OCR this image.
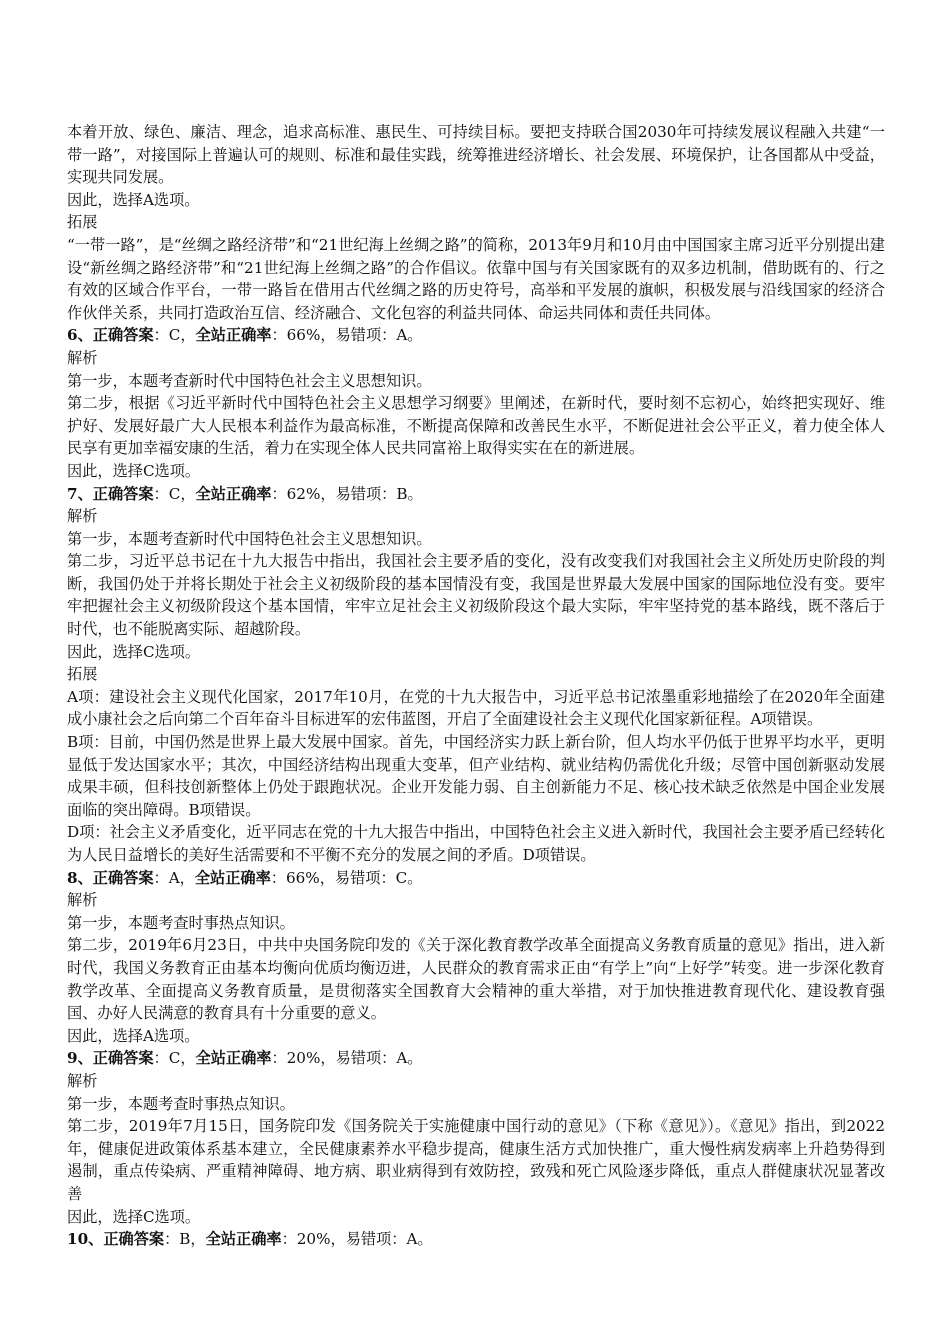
本着开放、绿色、廉洁、理念，追求高标准、惠民生、可持续目标。要把支持联合国2030年可持续发展议程融入共建“一带一路”，对接国际上普遍认可的规则、标准和最佳实践，统筹推进经济增长、社会发展、环境保护，让各国都从中受益，实现共同发展。

因此，选择A选项。

拓展

“一带一路”，是“丝绸之路经济带”和“21世纪海上丝绸之路”的简称，2013年9月和10月由中国国家主席习近平分别提出建设“新丝绸之路经济带”和“21世纪海上丝绸之路”的合作倡议。依靠中国与有关国家既有的双多边机制，借助既有的、行之有效的区域合作平台，一带一路旨在借用古代丝绸之路的历史符号，高举和平发展的旗帜，积极发展与沿线国家的经济合作伙伴关系，共同打造政治互信、经济融合、文化包容的利益共同体、命运共同体和责任共同体。

6、正确答案：C，全站正确率：66%，易错项：A。

解析

第一步，本题考查新时代中国特色社会主义思想知识。

第二步，根据《习近平新时代中国特色社会主义思想学习纲要》里阐述，在新时代，要时刻不忘初心，始终把实现好、维护好、发展好最广大人民根本利益作为最高标准，不断提高保障和改善民生水平，不断促进社会公平正义，着力使全体人民享有更加幸福安康的生活，着力在实现全体人民共同富裕上取得实实在在的新进展。

因此，选择C选项。

7、正确答案：C，全站正确率：62%，易错项：B。

解析

第一步，本题考查新时代中国特色社会主义思想知识。

第二步，习近平总书记在十九大报告中指出，我国社会主要矛盾的变化，没有改变我们对我国社会主义所处历史阶段的判断，我国仍处于并将长期处于社会主义初级阶段的基本国情没有变，我国是世界最大发展中国家的国际地位没有变。要牢牢把握社会主义初级阶段这个基本国情，牢牢立足社会主义初级阶段这个最大实际，牢牢坚持党的基本路线，既不落后于时代，也不能脱离实际、超越阶段。

因此，选择C选项。

拓展

A项：建设社会主义现代化国家，2017年10月，在党的十九大报告中，习近平总书记浓墨重彩地描绘了在2020年全面建成小康社会之后向第二个百年奋斗目标进军的宏伟蓝图，开启了全面建设社会主义现代化国家新征程。A项错误。

B项：目前，中国仍然是世界上最大发展中国家。首先，中国经济实力跃上新台阶，但人均水平仍低于世界平均水平，更明显低于发达国家水平；其次，中国经济结构出现重大变革，但产业结构、就业结构仍需优化升级；尽管中国创新驱动发展成果丰硕，但科技创新整体上仍处于跟跑状况。企业开发能力弱、自主创新能力不足、核心技术缺乏依然是中国企业发展面临的突出障碍。B项错误。

D项：社会主义矛盾变化，近平同志在党的十九大报告中指出，中国特色社会主义进入新时代，我国社会主要矛盾已经转化为人民日益增长的美好生活需要和不平衡不充分的发展之间的矛盾。D项错误。

8、正确答案：A，全站正确率：66%，易错项：C。

解析

第一步，本题考查时事热点知识。

第二步，2019年6月23日，中共中央国务院印发的《关于深化教育教学改革全面提高义务教育质量的意见》指出，进入新时代，我国义务教育正由基本均衡向优质均衡迈进，人民群众的教育需求正由“有学上”向“上好学”转变。进一步深化教育教学改革、全面提高义务教育质量，是贯彻落实全国教育大会精神的重大举措，对于加快推进教育现代化、建设教育强国、办好人民满意的教育具有十分重要的意义。

因此，选择A选项。

9、正确答案：C，全站正确率：20%，易错项：A。

解析

第一步，本题考查时事热点知识。

第二步，2019年7月15日，国务院印发《国务院关于实施健康中国行动的意见》（下称《意见》）。《意见》指出，到2022年，健康促进政策体系基本建立，全民健康素养水平稳步提高，健康生活方式加快推广，重大慢性病发病率上升趋势得到遏制，重点传染病、严重精神障碍、地方病、职业病得到有效防控，致残和死亡风险逐步降低，重点人群健康状况显著改善

因此，选择C选项。

10、正确答案：B，全站正确率：20%，易错项：A。
